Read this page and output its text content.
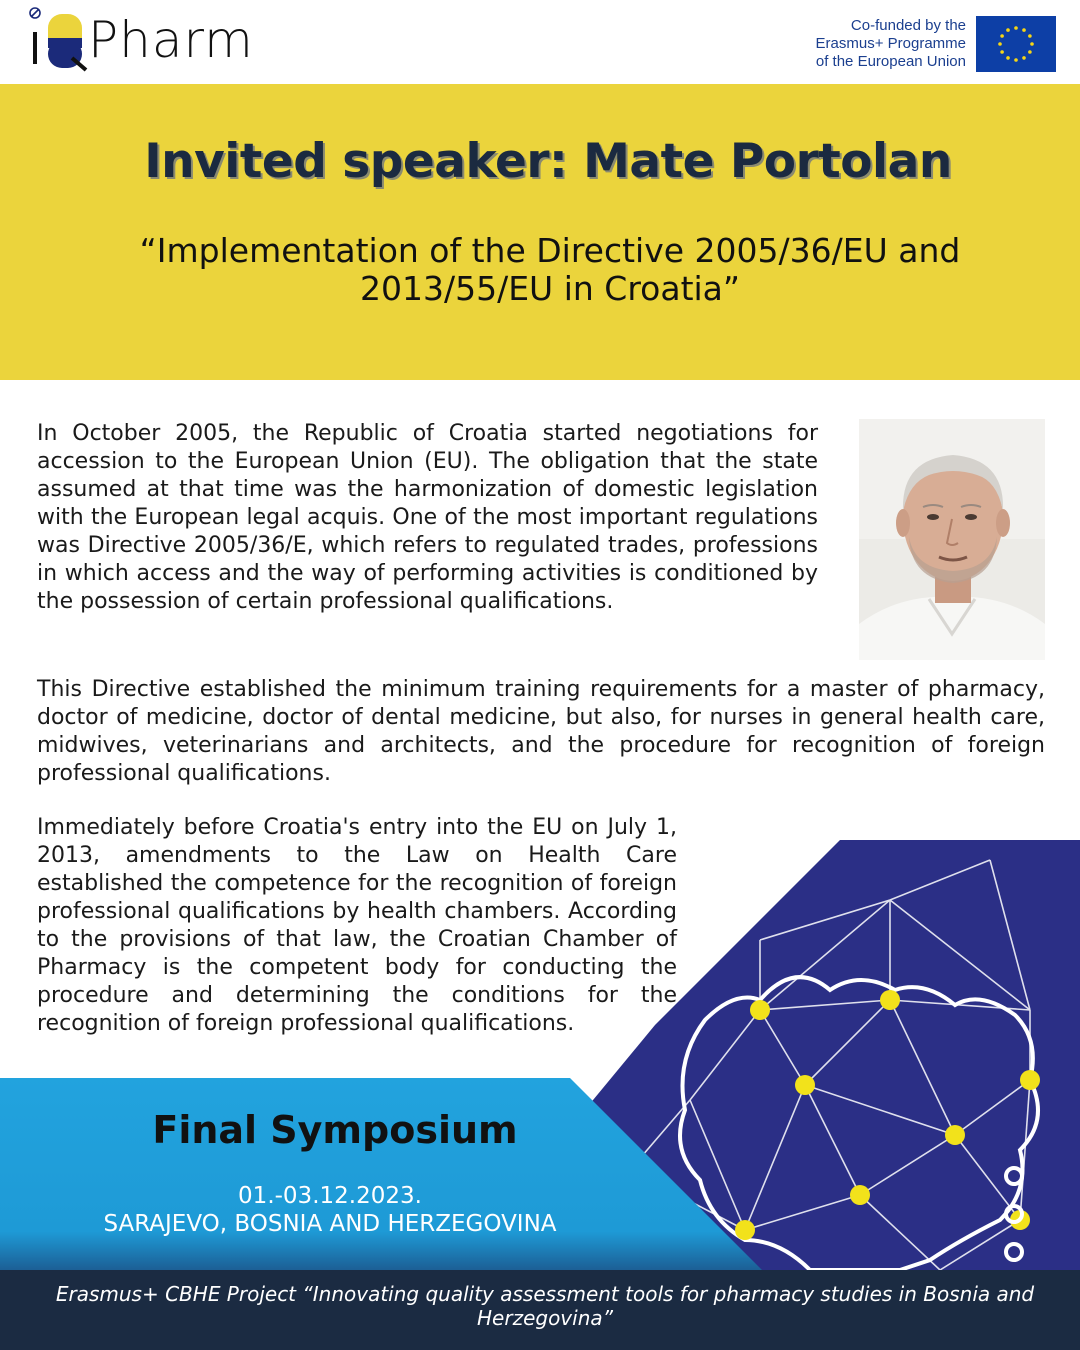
Pharm	Co-funded by the
Erasmus+ Programme
of the European Union
Invited speaker: Mate Portolan
“Implementation of the Directive 2005/36/EU and 2013/55/EU in Croatia”

In October 2005, the Republic of Croatia started negotiations for accession to the European Union (EU). The obligation that the state assumed at that time was the harmonization of domestic legislation with the European legal acquis. One of the most important regulations was Directive 2005/36/E, which refers to regulated trades, professions in which access and the way of performing activities is conditioned by the possession of certain professional qualifications.

This Directive established the minimum training requirements for a master of pharmacy, doctor of medicine, doctor of dental medicine, but also, for nurses in general health care, midwives, veterinarians and architects, and the procedure for recognition of foreign professional qualifications.

Immediately before Croatia's entry into the EU on July 1, 2013, amendments to the Law on Health Care established the competence for the recognition of foreign professional qualifications by health chambers. According to the provisions of that law, the Croatian Chamber of Pharmacy is the competent body for conducting the procedure and determining the conditions for the recognition of foreign professional qualifications.

Final Symposium
01.-03.12.2023.
SARAJEVO, BOSNIA AND HERZEGOVINA
Erasmus+ CBHE Project “Innovating quality assessment tools for pharmacy studies in Bosnia and Herzegovina”
